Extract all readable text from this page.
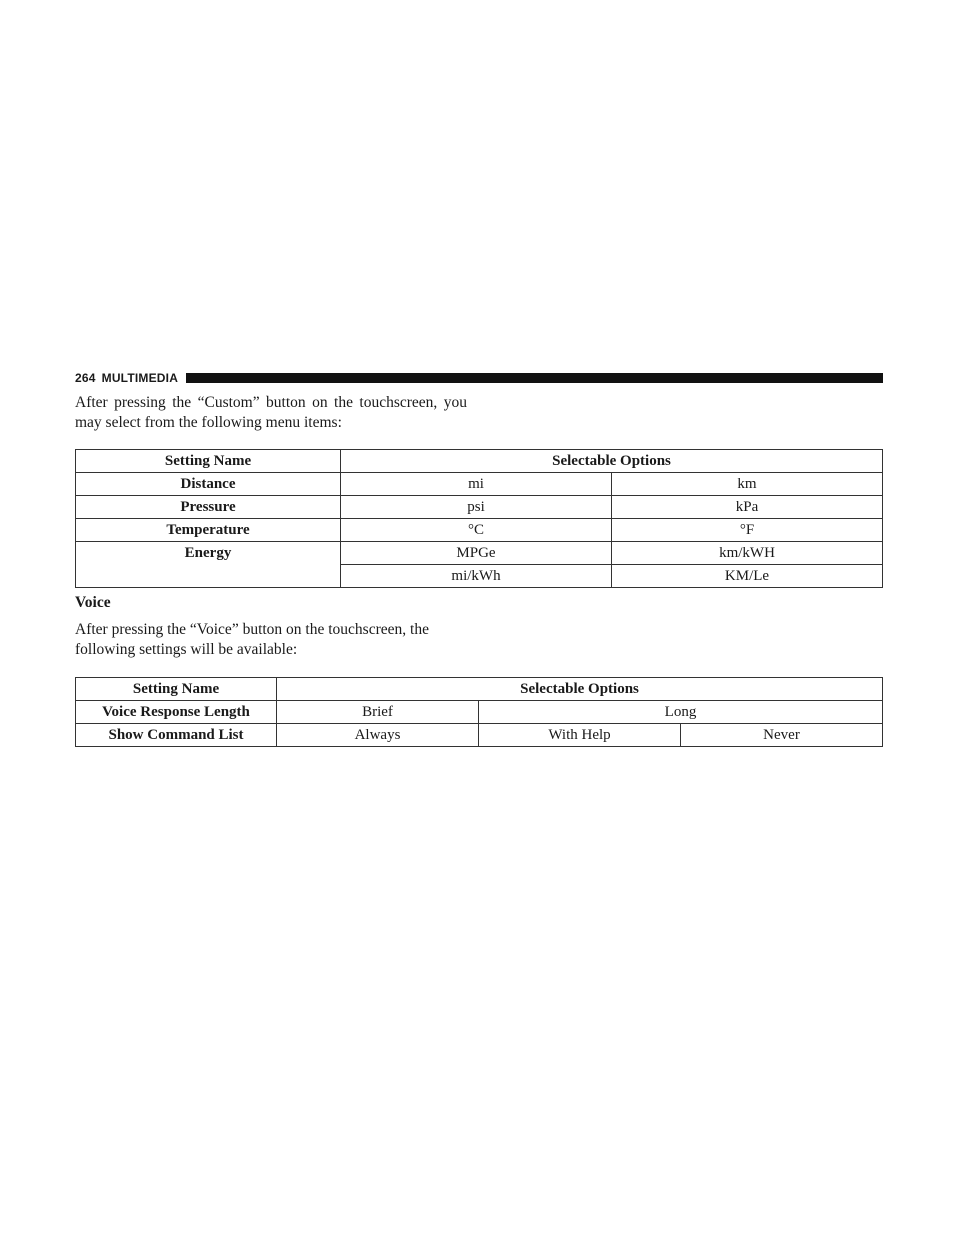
264 MULTIMEDIA

After pressing the “Custom” button on the touchscreen, you may select from the following menu items:

Setting Name	Selectable Options	
Distance	mi	km
Pressure	psi	kPa
Temperature	°C	°F
Energy	MPGe	km/kWH
	mi/kWh	KM/Le

Voice

After pressing the “Voice” button on the touchscreen, the following settings will be available:

Setting Name	Selectable Options		
Voice Response Length	Brief	Long	
Show Command List	Always	With Help	Never
